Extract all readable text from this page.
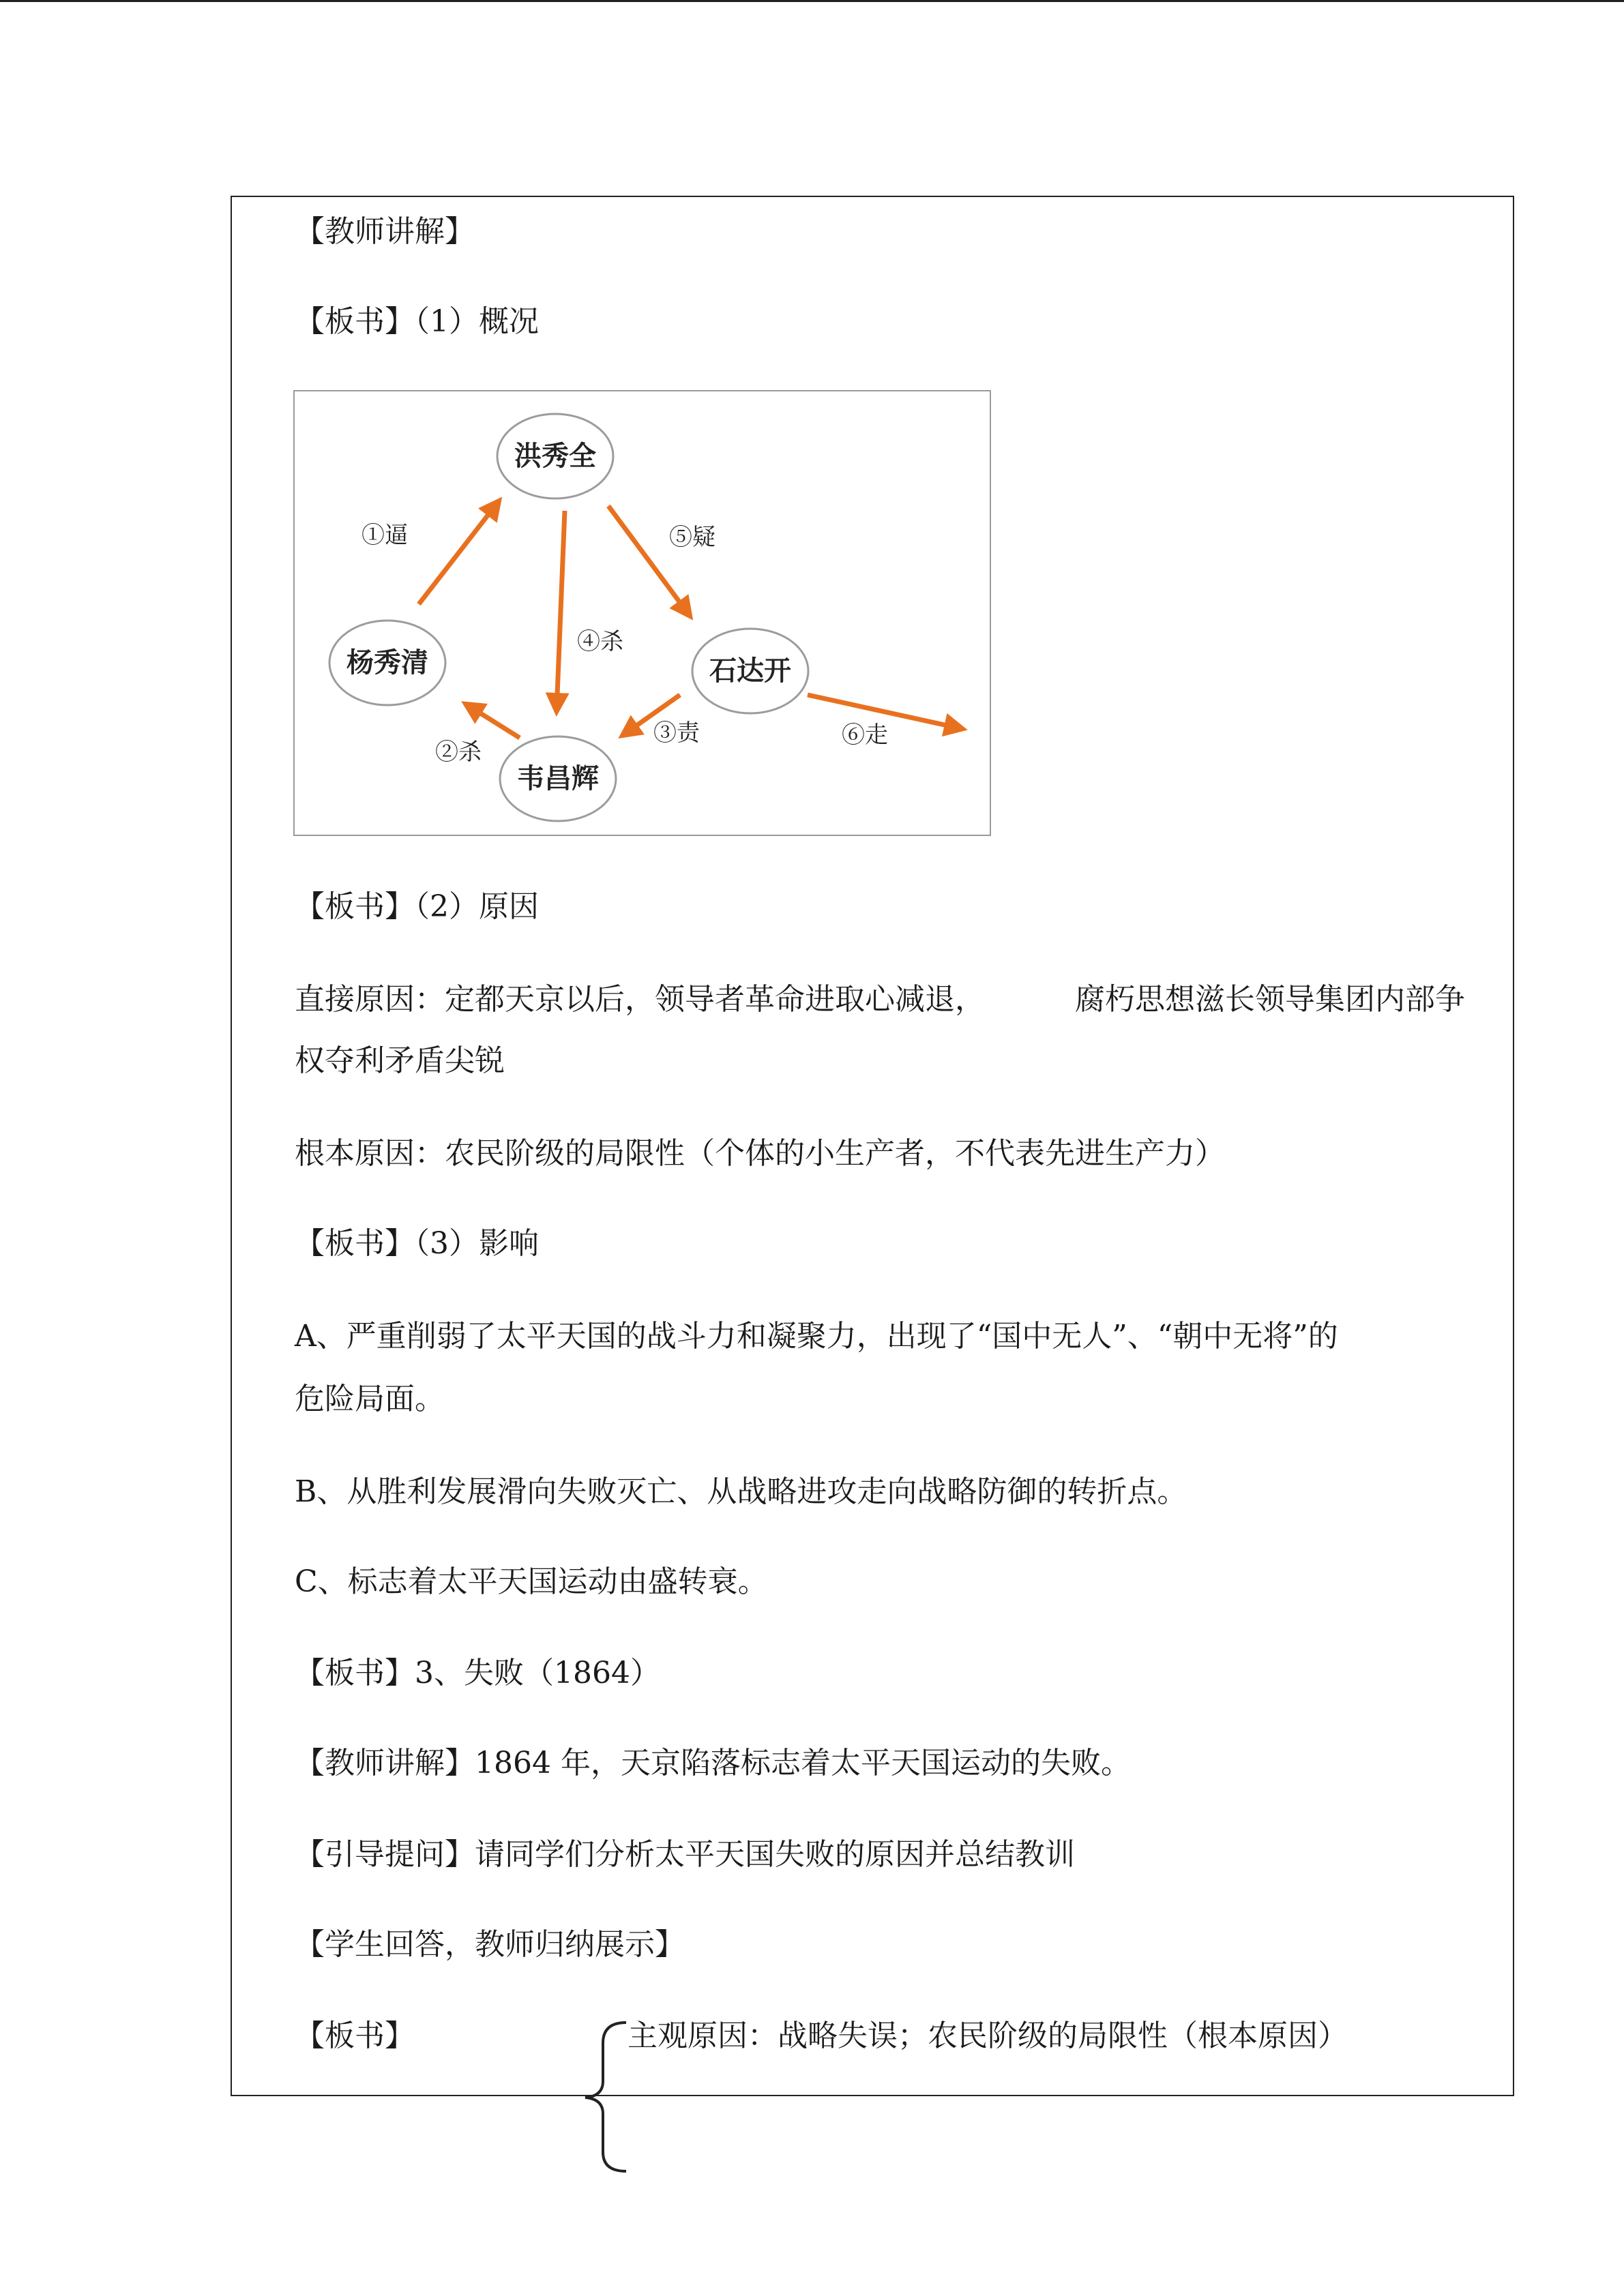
【教师讲解】
【板书】（1）概况
洪秀全
杨秀清	石达开
韦昌辉
①逼
②杀
③责
④杀
⑤疑
⑥走
【板书】（2）原因
直接原因：定都天京以后，领导者革命进取心减退，	腐朽思想滋长领导集团内部争
权夺利矛盾尖锐
根本原因：农民阶级的局限性（个体的小生产者，不代表先进生产力）
【板书】（3）影响
A、严重削弱了太平天国的战斗力和凝聚力，出现了“国中无人”、“朝中无将”的
危险局面。
B、从胜利发展滑向失败灭亡、从战略进攻走向战略防御的转折点。
C、标志着太平天国运动由盛转衰。
【板书】3、失败（1864）
【教师讲解】1864 年，天京陷落标志着太平天国运动的失败。
【引导提问】请同学们分析太平天国失败的原因并总结教训
【学生回答，教师归纳展示】
【板书】	主观原因：战略失误；农民阶级的局限性（根本原因）
